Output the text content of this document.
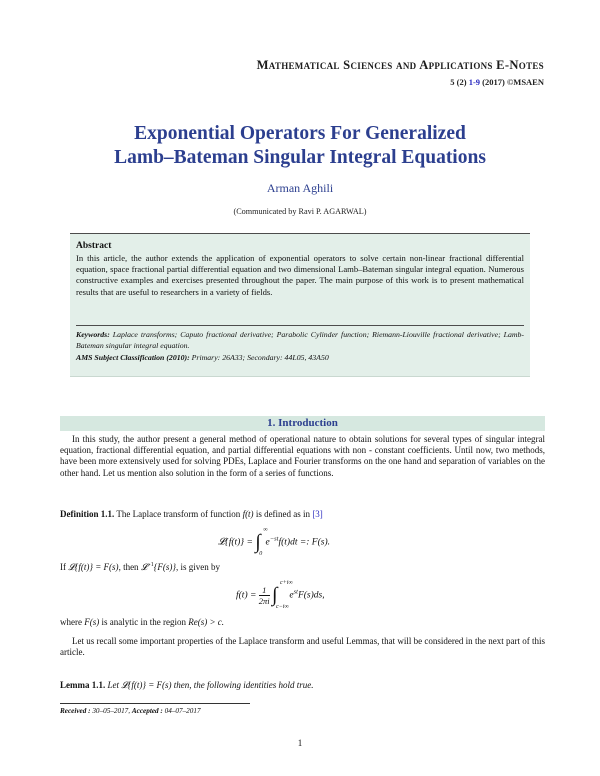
Mathematical Sciences and Applications E-Notes
5 (2) 1-9 (2017) ©MSAEN
Exponential Operators For Generalized
Lamb–Bateman Singular Integral Equations
Arman Aghili
(Communicated by Ravi P. AGARWAL)
Abstract
In this article, the author extends the application of exponential operators to solve certain non-linear fractional differential equation, space fractional partial differential equation and two dimensional Lamb–Bateman singular integral equation. Numerous constructive examples and exercises presented throughout the paper. The main purpose of this work is to present mathematical results that are useful to researchers in a variety of fields.
Keywords: Laplace transforms; Caputo fractional derivative; Parabolic Cylinder function; Riemann-Liouville fractional derivative; Lamb- Bateman singular integral equation.
AMS Subject Classification (2010): Primary: 26A33; Secondary: 44L05, 43A50
1. Introduction
In this study, the author present a general method of operational nature to obtain solutions for several types of singular integral equation, fractional differential equation, and partial differential equations with non - constant coefficients. Until now, two methods, have been more extensively used for solving PDEs, Laplace and Fourier transforms on the one hand and separation of variables on the other hand. Let us mention also solution in the form of a series of functions.
Definition 1.1. The Laplace transform of function f(t) is defined as in [3]
𝓛{f(t)} = ∫
∞
0
$e^{-st}f(t)dt$ =: F(s).
If 𝓛{f(t)} = F(s), then 𝓛$^{-1}${F(s)}, is given by
$f(t) = \frac{1}{2\pi i}$ ∫
c+i∞
c−i∞
$e^{st}F(s)ds$,
where F(s) is analytic in the region Re(s) > c.
Let us recall some important properties of the Laplace transform and useful Lemmas, that will be considered in the next part of this article.
Lemma 1.1. Let 𝓛{f(t)} = F(s) then, the following identities hold true.
Received : 30–05–2017, Accepted : 04–07–2017
1
